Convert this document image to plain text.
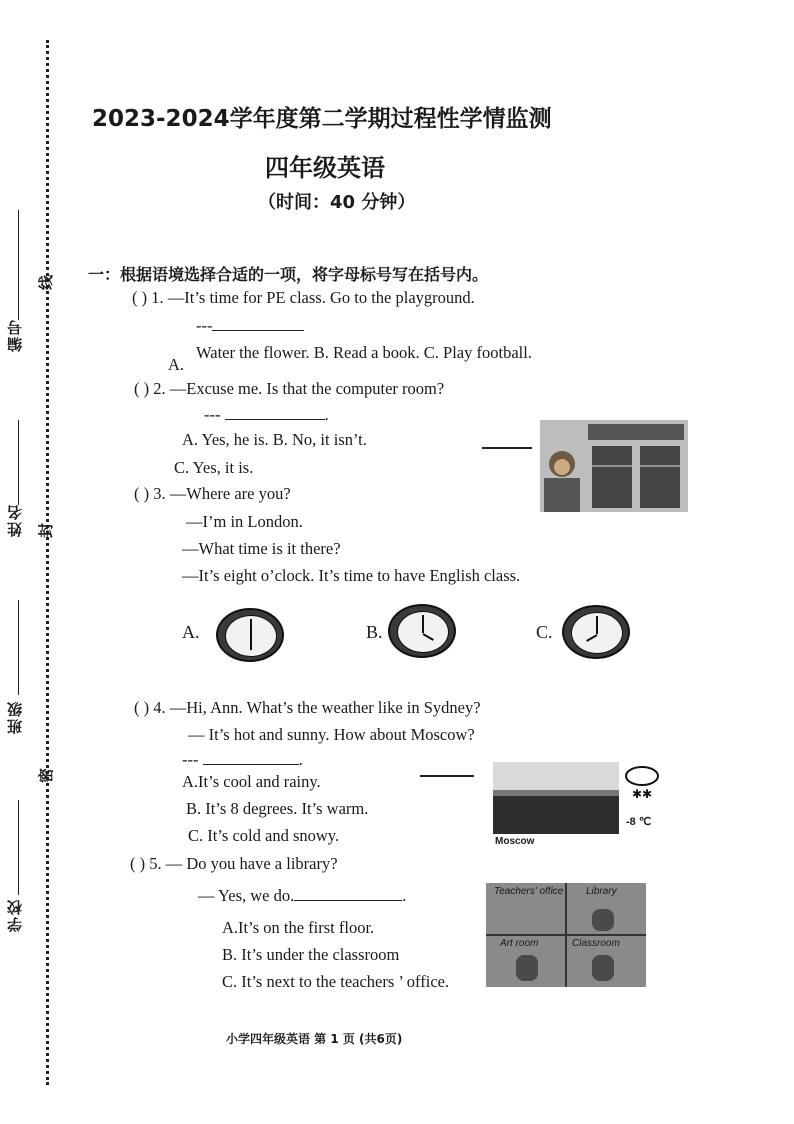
编号
姓名
班级
学校
线
封
密
2023-2024学年度第二学期过程性学情监测
四年级英语
（时间：40 分钟）
一：根据语境选择合适的一项，将字母标号写在括号内。
( ) 1. —It’s time for PE class. Go to the playground.
---
A.
Water the flower. B. Read a book. C. Play football.
( ) 2. —Excuse me. Is that the computer room?
---	.
A. Yes, he is. B. No, it isn’t.
C. Yes, it is.
( ) 3. —Where are you?
—I’m in London.
—What time is it there?
—It’s eight o’clock. It’s time to have English class.
A.	B.	C.
( ) 4. —Hi, Ann. What’s the weather like in Sydney?
— It’s hot and sunny. How about Moscow?
---	.
A.It’s cool and rainy.
B. It’s 8 degrees. It’s warm.
C. It’s cold and snowy.	Moscow
✱✱
-8 ℃
( ) 5. — Do you have a library?
— Yes, we do.	.
A.It’s on the first floor.
B. It’s under the classroom
C. It’s next to the teachers ’ office.
Teachers' office Library
Art room	Classroom
小学四年级英语 第 1 页 (共6页)
